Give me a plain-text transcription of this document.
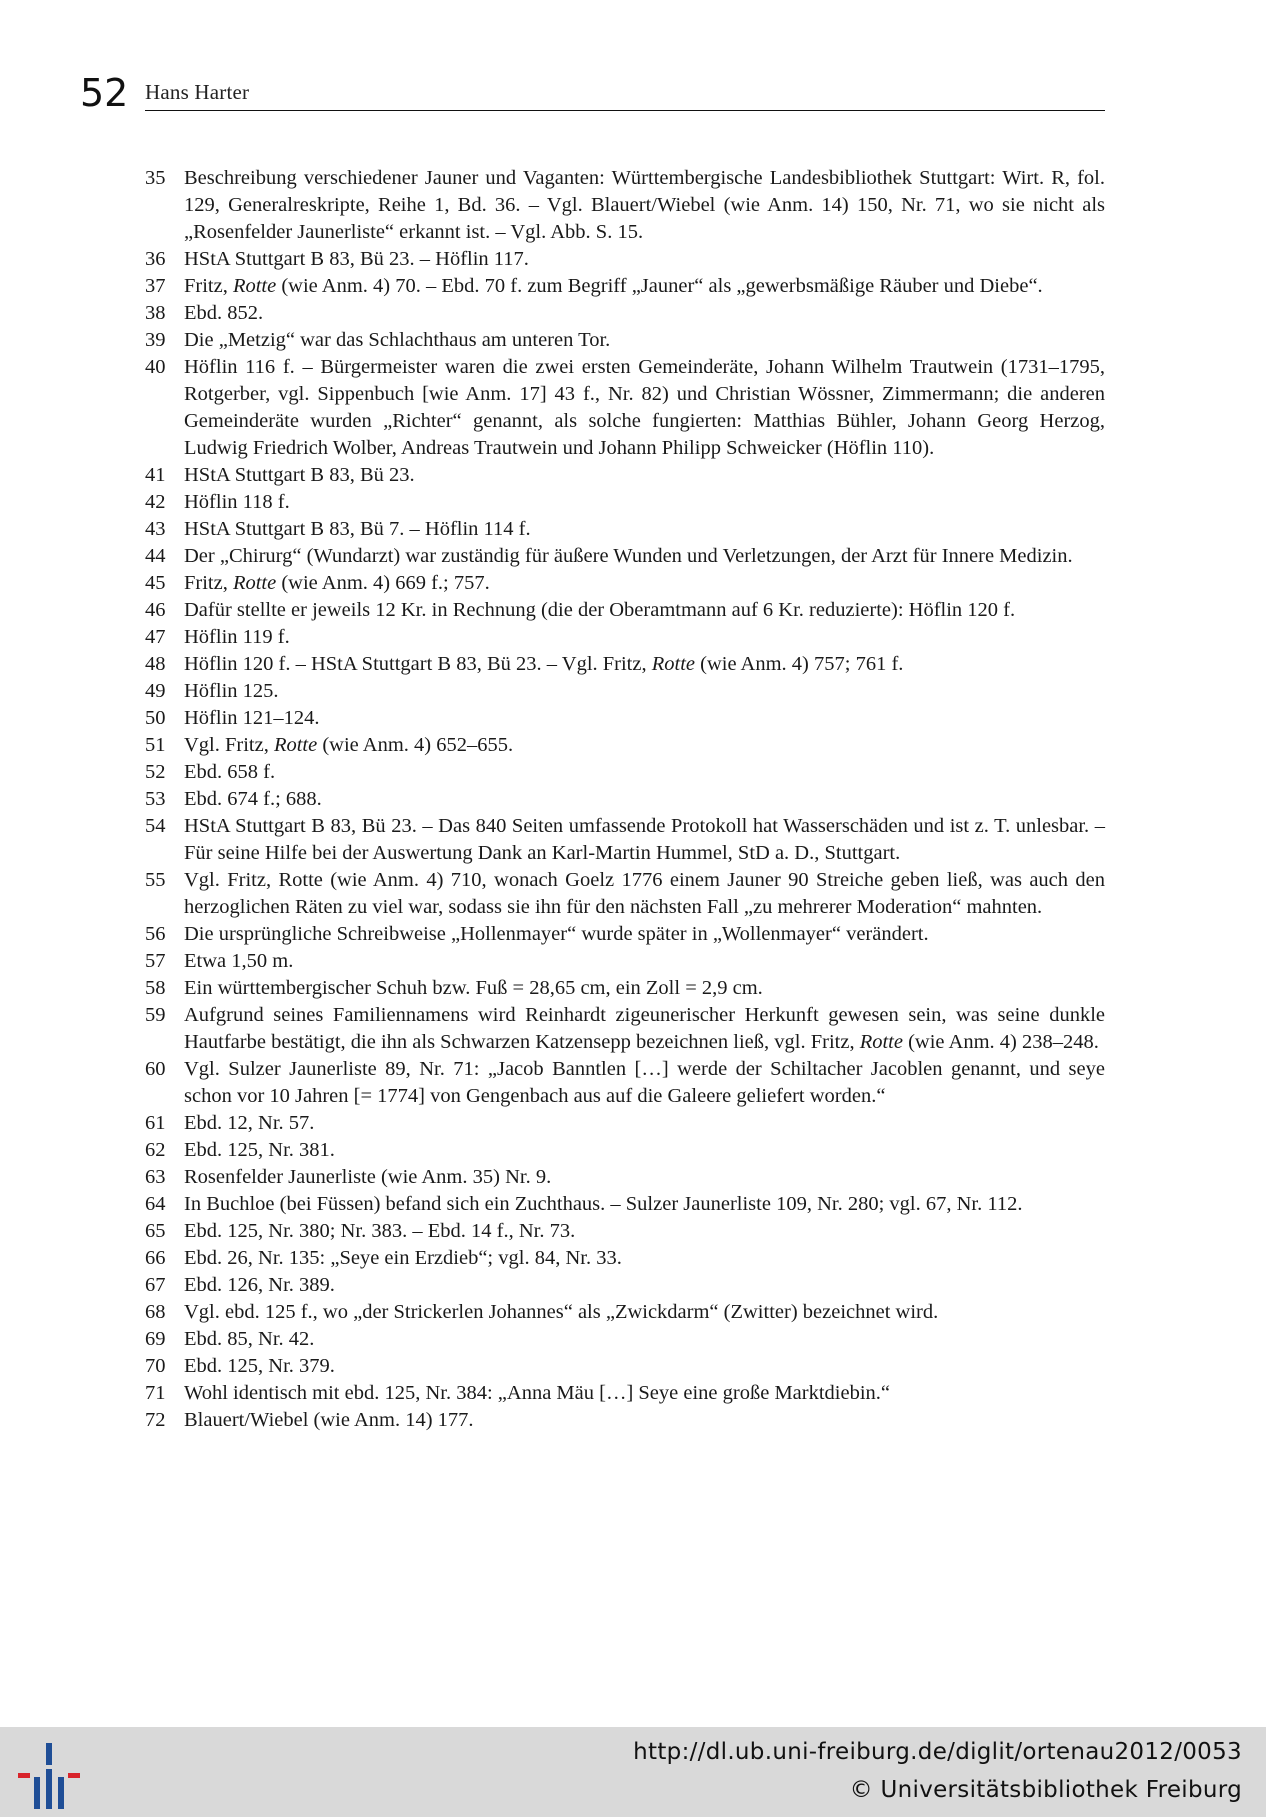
52 Hans Harter
35 Beschreibung verschiedener Jauner und Vaganten: Württembergische Landesbibliothek Stuttgart: Wirt. R, fol. 129, Generalreskripte, Reihe 1, Bd. 36. – Vgl. Blauert/Wiebel (wie Anm. 14) 150, Nr. 71, wo sie nicht als „Rosenfelder Jaunerliste“ erkannt ist. – Vgl. Abb. S. 15.
36 HStA Stuttgart B 83, Bü 23. – Höflin 117.
37 Fritz, Rotte (wie Anm. 4) 70. – Ebd. 70 f. zum Begriff „Jauner“ als „gewerbsmäßige Räuber und Diebe“.
38 Ebd. 852.
39 Die „Metzig“ war das Schlachthaus am unteren Tor.
40 Höflin 116 f. – Bürgermeister waren die zwei ersten Gemeinderäte, Johann Wilhelm Trautwein (1731–1795, Rotgerber, vgl. Sippenbuch [wie Anm. 17] 43 f., Nr. 82) und Christian Wössner, Zimmermann; die anderen Gemeinderäte wurden „Richter“ genannt, als solche fungierten: Matthias Bühler, Johann Georg Herzog, Ludwig Friedrich Wolber, Andreas Trautwein und Johann Philipp Schweicker (Höflin 110).
41 HStA Stuttgart B 83, Bü 23.
42 Höflin 118 f.
43 HStA Stuttgart B 83, Bü 7. – Höflin 114 f.
44 Der „Chirurg“ (Wundarzt) war zuständig für äußere Wunden und Verletzungen, der Arzt für Innere Medizin.
45 Fritz, Rotte (wie Anm. 4) 669 f.; 757.
46 Dafür stellte er jeweils 12 Kr. in Rechnung (die der Oberamtmann auf 6 Kr. reduzierte): Höflin 120 f.
47 Höflin 119 f.
48 Höflin 120 f. – HStA Stuttgart B 83, Bü 23. – Vgl. Fritz, Rotte (wie Anm. 4) 757; 761 f.
49 Höflin 125.
50 Höflin 121–124.
51 Vgl. Fritz, Rotte (wie Anm. 4) 652–655.
52 Ebd. 658 f.
53 Ebd. 674 f.; 688.
54 HStA Stuttgart B 83, Bü 23. – Das 840 Seiten umfassende Protokoll hat Wasserschäden und ist z. T. unlesbar. – Für seine Hilfe bei der Auswertung Dank an Karl-Martin Hummel, StD a. D., Stuttgart.
55 Vgl. Fritz, Rotte (wie Anm. 4) 710, wonach Goelz 1776 einem Jauner 90 Streiche geben ließ, was auch den herzoglichen Räten zu viel war, sodass sie ihn für den nächsten Fall „zu mehrerer Moderation“ mahnten.
56 Die ursprüngliche Schreibweise „Hollenmayer“ wurde später in „Wollenmayer“ verändert.
57 Etwa 1,50 m.
58 Ein württembergischer Schuh bzw. Fuß = 28,65 cm, ein Zoll = 2,9 cm.
59 Aufgrund seines Familiennamens wird Reinhardt zigeunerischer Herkunft gewesen sein, was seine dunkle Hautfarbe bestätigt, die ihn als Schwarzen Katzensepp bezeichnen ließ, vgl. Fritz, Rotte (wie Anm. 4) 238–248.
60 Vgl. Sulzer Jaunerliste 89, Nr. 71: „Jacob Banntlen […] werde der Schiltacher Jacoblen genannt, und seye schon vor 10 Jahren [= 1774] von Gengenbach aus auf die Galeere geliefert worden.“
61 Ebd. 12, Nr. 57.
62 Ebd. 125, Nr. 381.
63 Rosenfelder Jaunerliste (wie Anm. 35) Nr. 9.
64 In Buchloe (bei Füssen) befand sich ein Zuchthaus. – Sulzer Jaunerliste 109, Nr. 280; vgl. 67, Nr. 112.
65 Ebd. 125, Nr. 380; Nr. 383. – Ebd. 14 f., Nr. 73.
66 Ebd. 26, Nr. 135: „Seye ein Erzdieb“; vgl. 84, Nr. 33.
67 Ebd. 126, Nr. 389.
68 Vgl. ebd. 125 f., wo „der Strickerlen Johannes“ als „Zwickdarm“ (Zwitter) bezeichnet wird.
69 Ebd. 85, Nr. 42.
70 Ebd. 125, Nr. 379.
71 Wohl identisch mit ebd. 125, Nr. 384: „Anna Mäu […] Seye eine große Marktdiebin.“
72 Blauert/Wiebel (wie Anm. 14) 177.
http://dl.ub.uni-freiburg.de/diglit/ortenau2012/0053
© Universitätsbibliothek Freiburg
